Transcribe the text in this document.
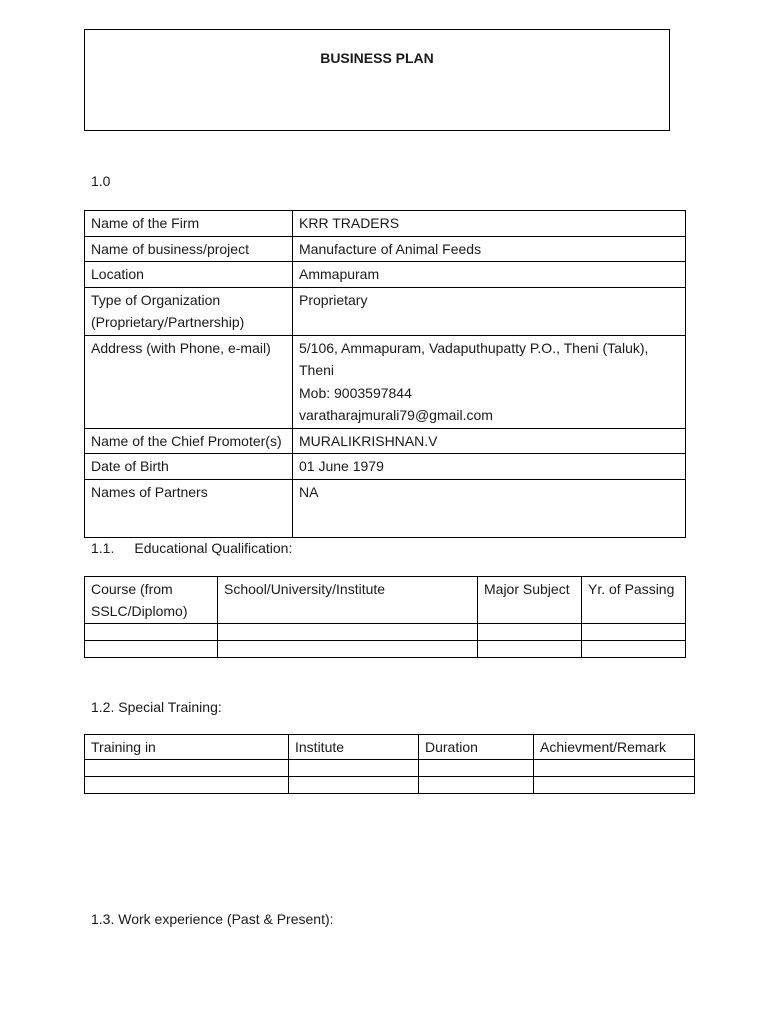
BUSINESS PLAN
1.0
Name of the Firm	KRR TRADERS
Name of business/project	Manufacture of Animal Feeds
Location	Ammapuram
Type of Organization (Proprietary/Partnership)	Proprietary
Address (with Phone, e-mail)	5/106, Ammapuram, Vadaputhupatty P.O., Theni (Taluk), Theni
Mob: 9003597844
varatharajmurali79@gmail.com

Name of the Chief Promoter(s)	MURALIKRISHNAN.V
Date of Birth	01 June 1979
Names of Partners	NA
1.1. Educational Qualification:
Course (from SSLC/Diplomo)	School/University/Institute	Major Subject	Yr. of Passing

1.2. Special Training:
Training in	Institute	Duration	Achievment/Remark

1.3. Work experience (Past & Present):
